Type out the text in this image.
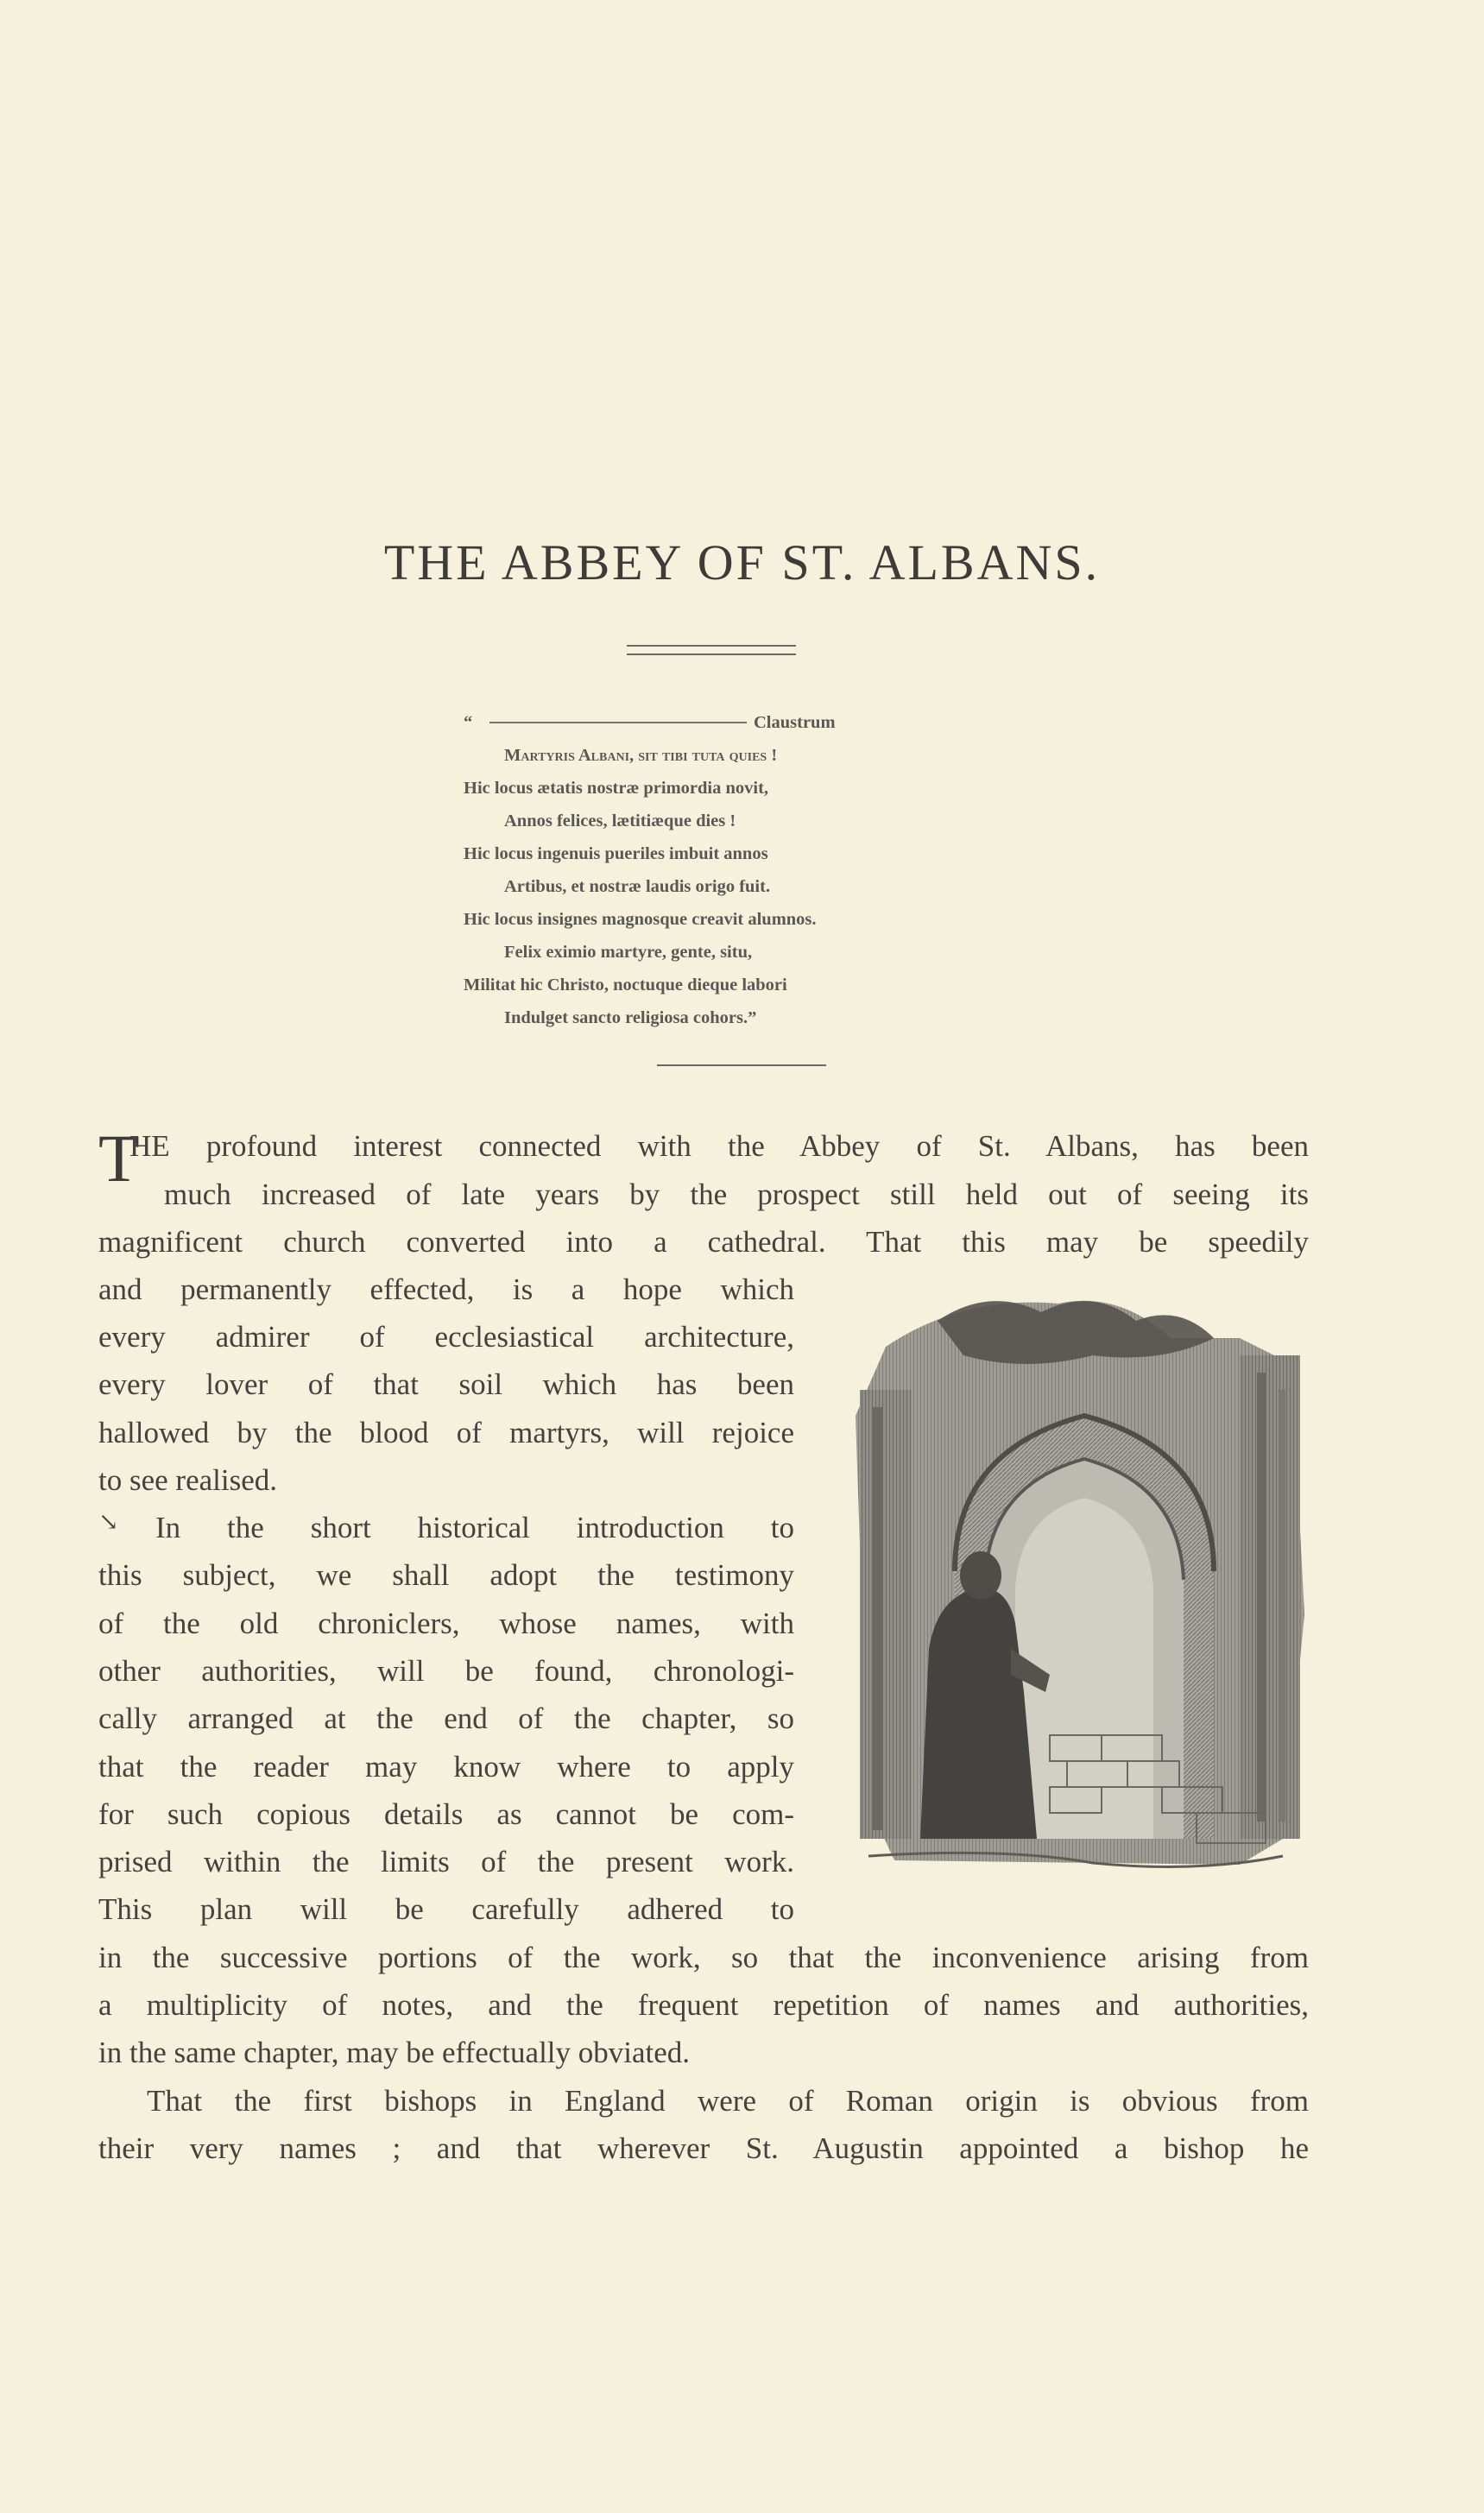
THE ABBEY OF ST. ALBANS.
“	Claustrum
Martyris Albani, sit tibi tuta quies !
Hic locus ætatis nostræ primordia novit,
Annos felices, lætitiæque dies !
Hic locus ingenuis pueriles imbuit annos
Artibus, et nostræ laudis origo fuit.
Hic locus insignes magnosque creavit alumnos.
Felix eximio martyre, gente, situ,
Militat hic Christo, noctuque dieque labori
Indulget sancto religiosa cohors.”
T
HE profound interest connected with the Abbey of St. Albans, has been
much increased of late years by the prospect still held out of seeing its
magnificent church converted into a cathedral. That this may be speedily
and permanently effected, is a hope which
every admirer of ecclesiastical architecture,
every lover of that soil which has been
hallowed by the blood of martyrs, will rejoice
to see realised.
In the short historical introduction to
this subject, we shall adopt the testimony
of the old chroniclers, whose names, with
other authorities, will be found, chronologi-
cally arranged at the end of the chapter, so
that the reader may know where to apply
for such copious details as cannot be com-
prised within the limits of the present work.
This plan will be carefully adhered to
in the successive portions of the work, so that the inconvenience arising from
a multiplicity of notes, and the frequent repetition of names and authorities,
in the same chapter, may be effectually obviated.
That the first bishops in England were of Roman origin is obvious from
their very names ; and that wherever St. Augustin appointed a bishop he
↘
